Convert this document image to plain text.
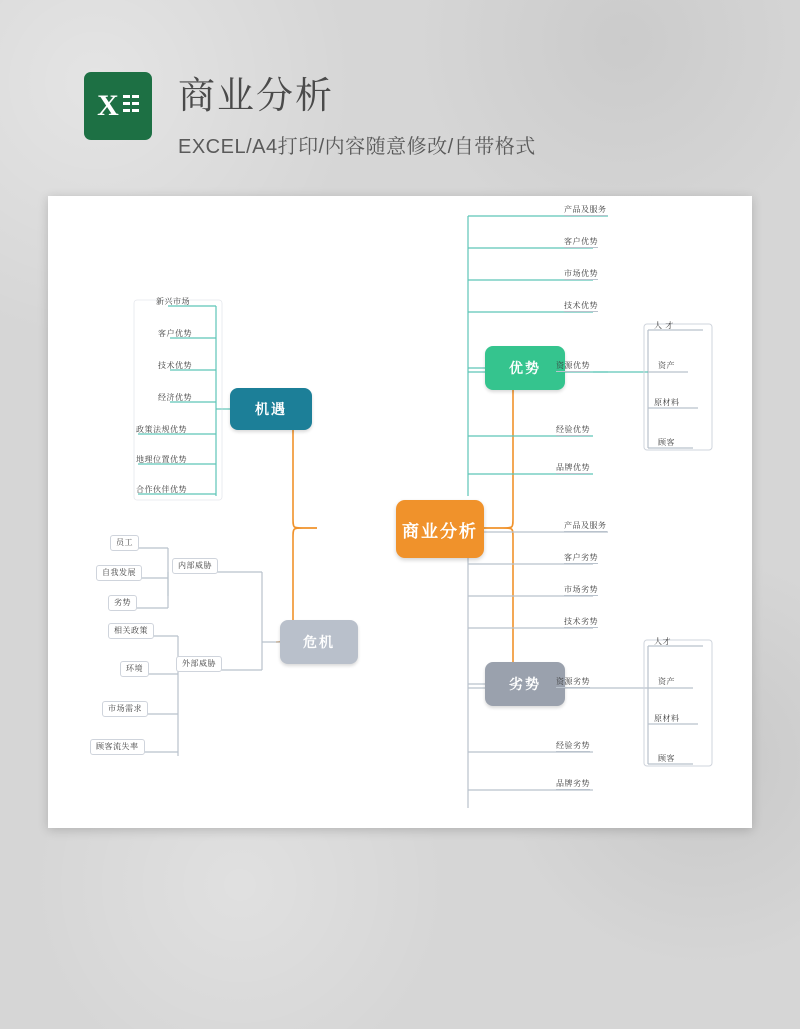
X 商业分析
EXCEL/A4打印/内容随意修改/自带格式
商业分析
机遇
危机
优势
劣势
新兴市场
客户优势
技术优势
经济优势
政策法规优势
地理位置优势
合作伙伴优势
内部威胁
外部威胁
员工
自我发展
劣势
相关政策
环境
市场需求
顾客流失率
产品及服务
客户优势
市场优势
技术优势
资源优势
经验优势
品牌优势
人 才
资产
原材料
顾客
产品及服务
客户劣势
市场劣势
技术劣势
资源劣势
经验劣势
品牌劣势
人才
资产
原材料
顾客
